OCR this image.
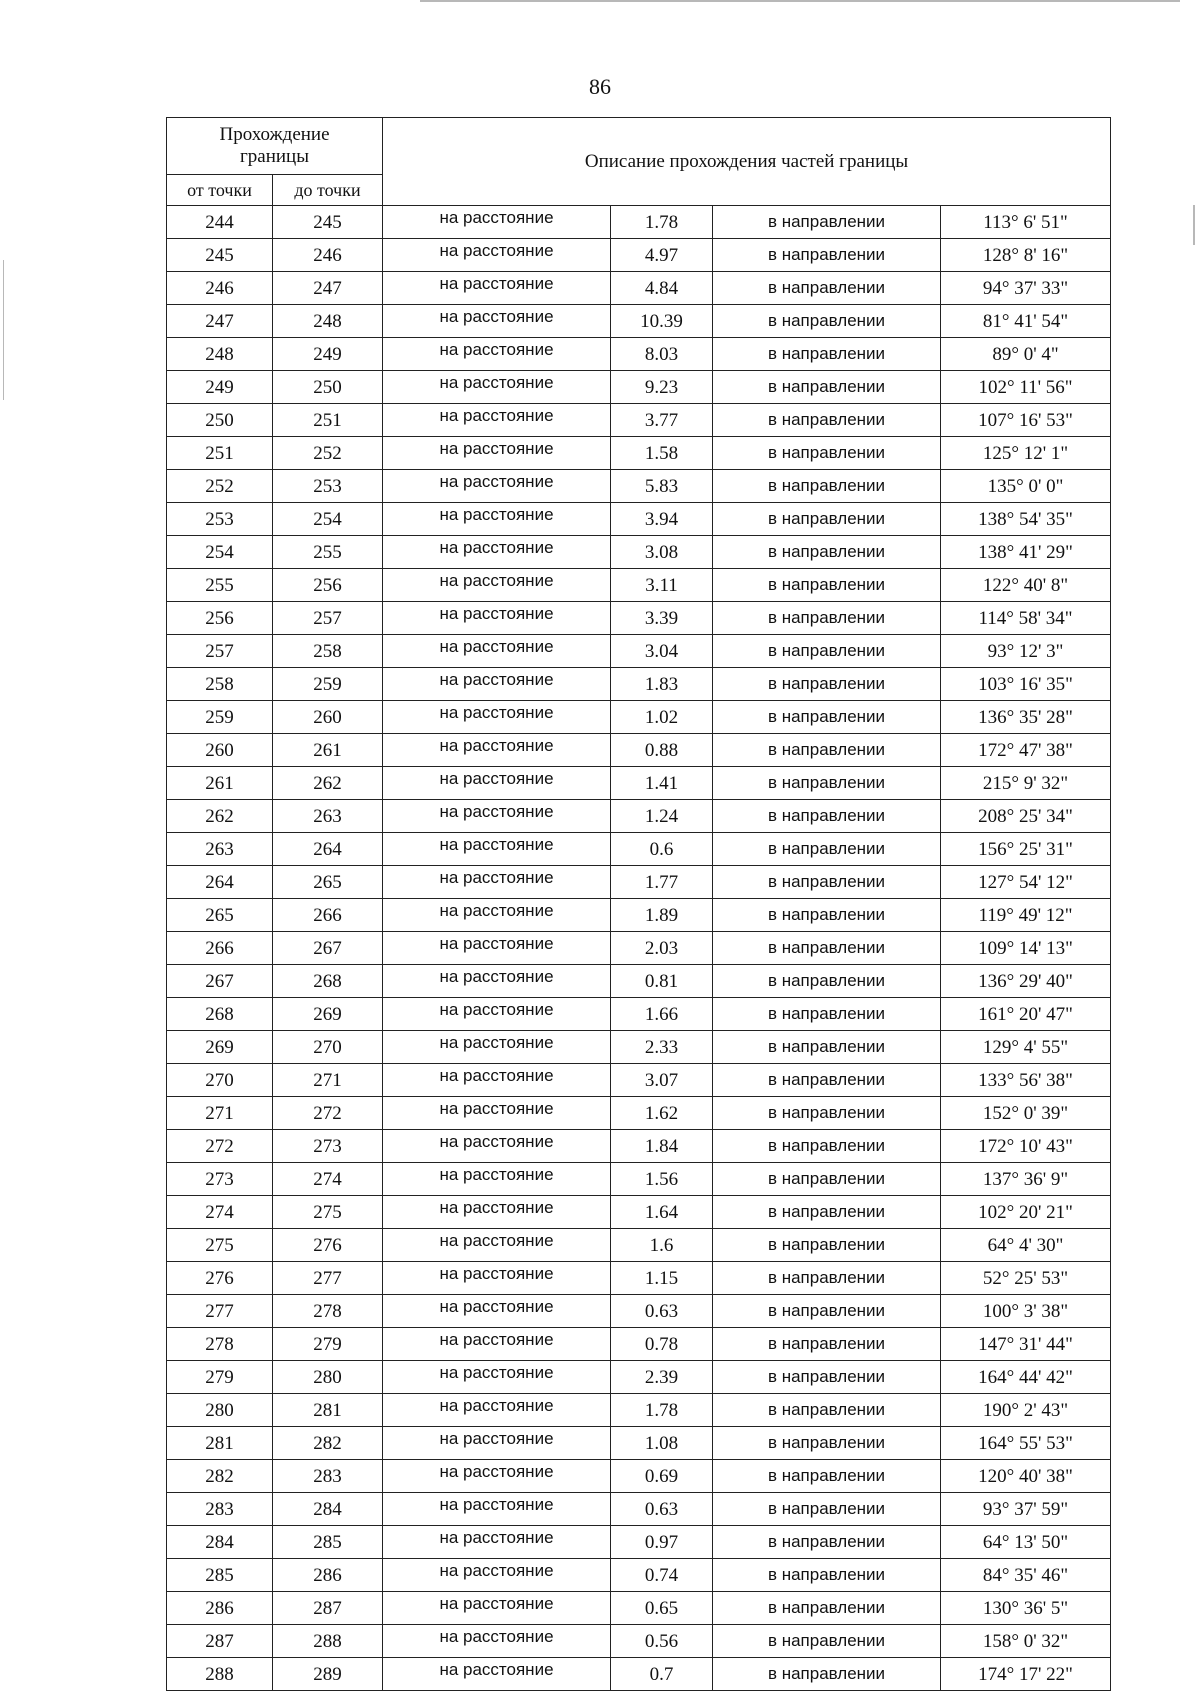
86
Прохождение
границы		Описание прохождения частей границы			
от точки	до точки				
244	245	на расстояние	1.78	в направлении	113° 6' 51"
245	246	на расстояние	4.97	в направлении	128° 8' 16"
246	247	на расстояние	4.84	в направлении	94° 37' 33"
247	248	на расстояние	10.39	в направлении	81° 41' 54"
248	249	на расстояние	8.03	в направлении	89° 0' 4"
249	250	на расстояние	9.23	в направлении	102° 11' 56"
250	251	на расстояние	3.77	в направлении	107° 16' 53"
251	252	на расстояние	1.58	в направлении	125° 12' 1"
252	253	на расстояние	5.83	в направлении	135° 0' 0"
253	254	на расстояние	3.94	в направлении	138° 54' 35"
254	255	на расстояние	3.08	в направлении	138° 41' 29"
255	256	на расстояние	3.11	в направлении	122° 40' 8"
256	257	на расстояние	3.39	в направлении	114° 58' 34"
257	258	на расстояние	3.04	в направлении	93° 12' 3"
258	259	на расстояние	1.83	в направлении	103° 16' 35"
259	260	на расстояние	1.02	в направлении	136° 35' 28"
260	261	на расстояние	0.88	в направлении	172° 47' 38"
261	262	на расстояние	1.41	в направлении	215° 9' 32"
262	263	на расстояние	1.24	в направлении	208° 25' 34"
263	264	на расстояние	0.6	в направлении	156° 25' 31"
264	265	на расстояние	1.77	в направлении	127° 54' 12"
265	266	на расстояние	1.89	в направлении	119° 49' 12"
266	267	на расстояние	2.03	в направлении	109° 14' 13"
267	268	на расстояние	0.81	в направлении	136° 29' 40"
268	269	на расстояние	1.66	в направлении	161° 20' 47"
269	270	на расстояние	2.33	в направлении	129° 4' 55"
270	271	на расстояние	3.07	в направлении	133° 56' 38"
271	272	на расстояние	1.62	в направлении	152° 0' 39"
272	273	на расстояние	1.84	в направлении	172° 10' 43"
273	274	на расстояние	1.56	в направлении	137° 36' 9"
274	275	на расстояние	1.64	в направлении	102° 20' 21"
275	276	на расстояние	1.6	в направлении	64° 4' 30"
276	277	на расстояние	1.15	в направлении	52° 25' 53"
277	278	на расстояние	0.63	в направлении	100° 3' 38"
278	279	на расстояние	0.78	в направлении	147° 31' 44"
279	280	на расстояние	2.39	в направлении	164° 44' 42"
280	281	на расстояние	1.78	в направлении	190° 2' 43"
281	282	на расстояние	1.08	в направлении	164° 55' 53"
282	283	на расстояние	0.69	в направлении	120° 40' 38"
283	284	на расстояние	0.63	в направлении	93° 37' 59"
284	285	на расстояние	0.97	в направлении	64° 13' 50"
285	286	на расстояние	0.74	в направлении	84° 35' 46"
286	287	на расстояние	0.65	в направлении	130° 36' 5"
287	288	на расстояние	0.56	в направлении	158° 0' 32"
288	289	на расстояние	0.7	в направлении	174° 17' 22"
